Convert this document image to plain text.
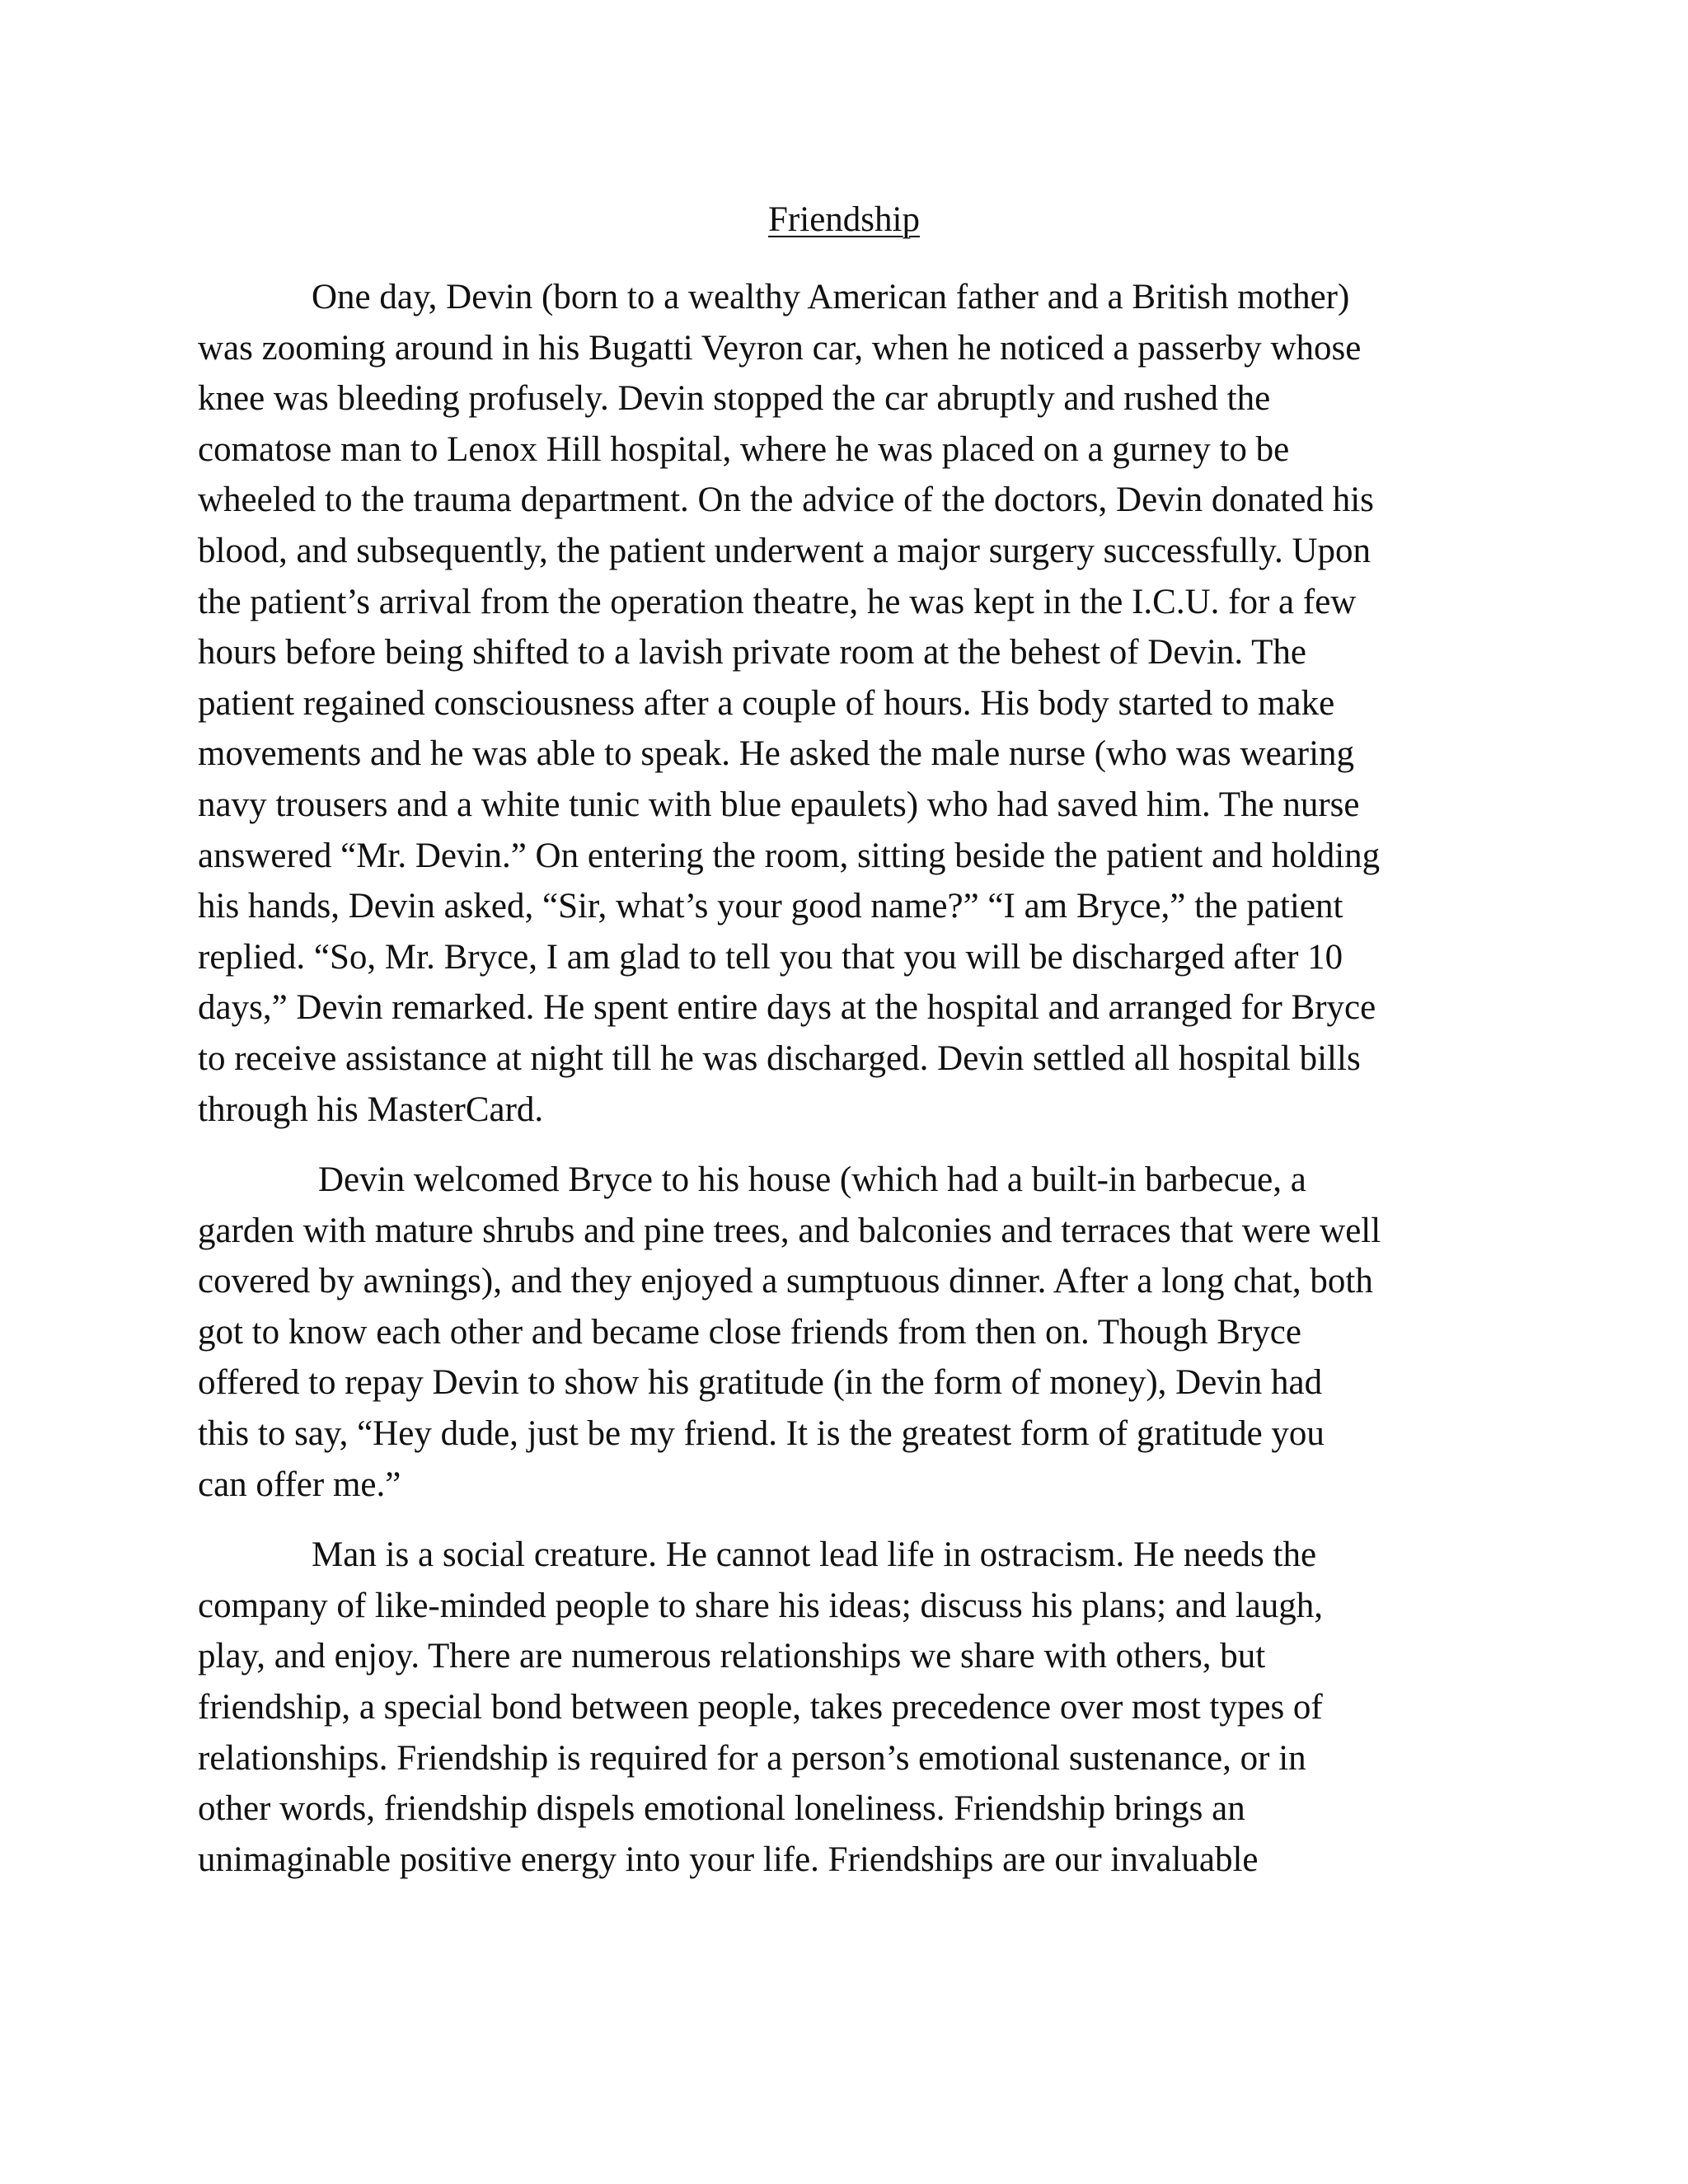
Friendship
One day, Devin (born to a wealthy American father and a British mother)
was zooming around in his Bugatti Veyron car, when he noticed a passerby whose
knee was bleeding profusely. Devin stopped the car abruptly and rushed the
comatose man to Lenox Hill hospital, where he was placed on a gurney to be
wheeled to the trauma department. On the advice of the doctors, Devin donated his
blood, and subsequently, the patient underwent a major surgery successfully. Upon
the patient’s arrival from the operation theatre, he was kept in the I.C.U. for a few
hours before being shifted to a lavish private room at the behest of Devin. The
patient regained consciousness after a couple of hours. His body started to make
movements and he was able to speak. He asked the male nurse (who was wearing
navy trousers and a white tunic with blue epaulets) who had saved him. The nurse
answered “Mr. Devin.” On entering the room, sitting beside the patient and holding
his hands, Devin asked, “Sir, what’s your good name?” “I am Bryce,” the patient
replied. “So, Mr. Bryce, I am glad to tell you that you will be discharged after 10
days,” Devin remarked. He spent entire days at the hospital and arranged for Bryce
to receive assistance at night till he was discharged. Devin settled all hospital bills
through his MasterCard.
Devin welcomed Bryce to his house (which had a built-in barbecue, a
garden with mature shrubs and pine trees, and balconies and terraces that were well
covered by awnings), and they enjoyed a sumptuous dinner. After a long chat, both
got to know each other and became close friends from then on. Though Bryce
offered to repay Devin to show his gratitude (in the form of money), Devin had
this to say, “Hey dude, just be my friend. It is the greatest form of gratitude you
can offer me.”
Man is a social creature. He cannot lead life in ostracism. He needs the
company of like-minded people to share his ideas; discuss his plans; and laugh,
play, and enjoy. There are numerous relationships we share with others, but
friendship, a special bond between people, takes precedence over most types of
relationships. Friendship is required for a person’s emotional sustenance, or in
other words, friendship dispels emotional loneliness. Friendship brings an
unimaginable positive energy into your life. Friendships are our invaluable
